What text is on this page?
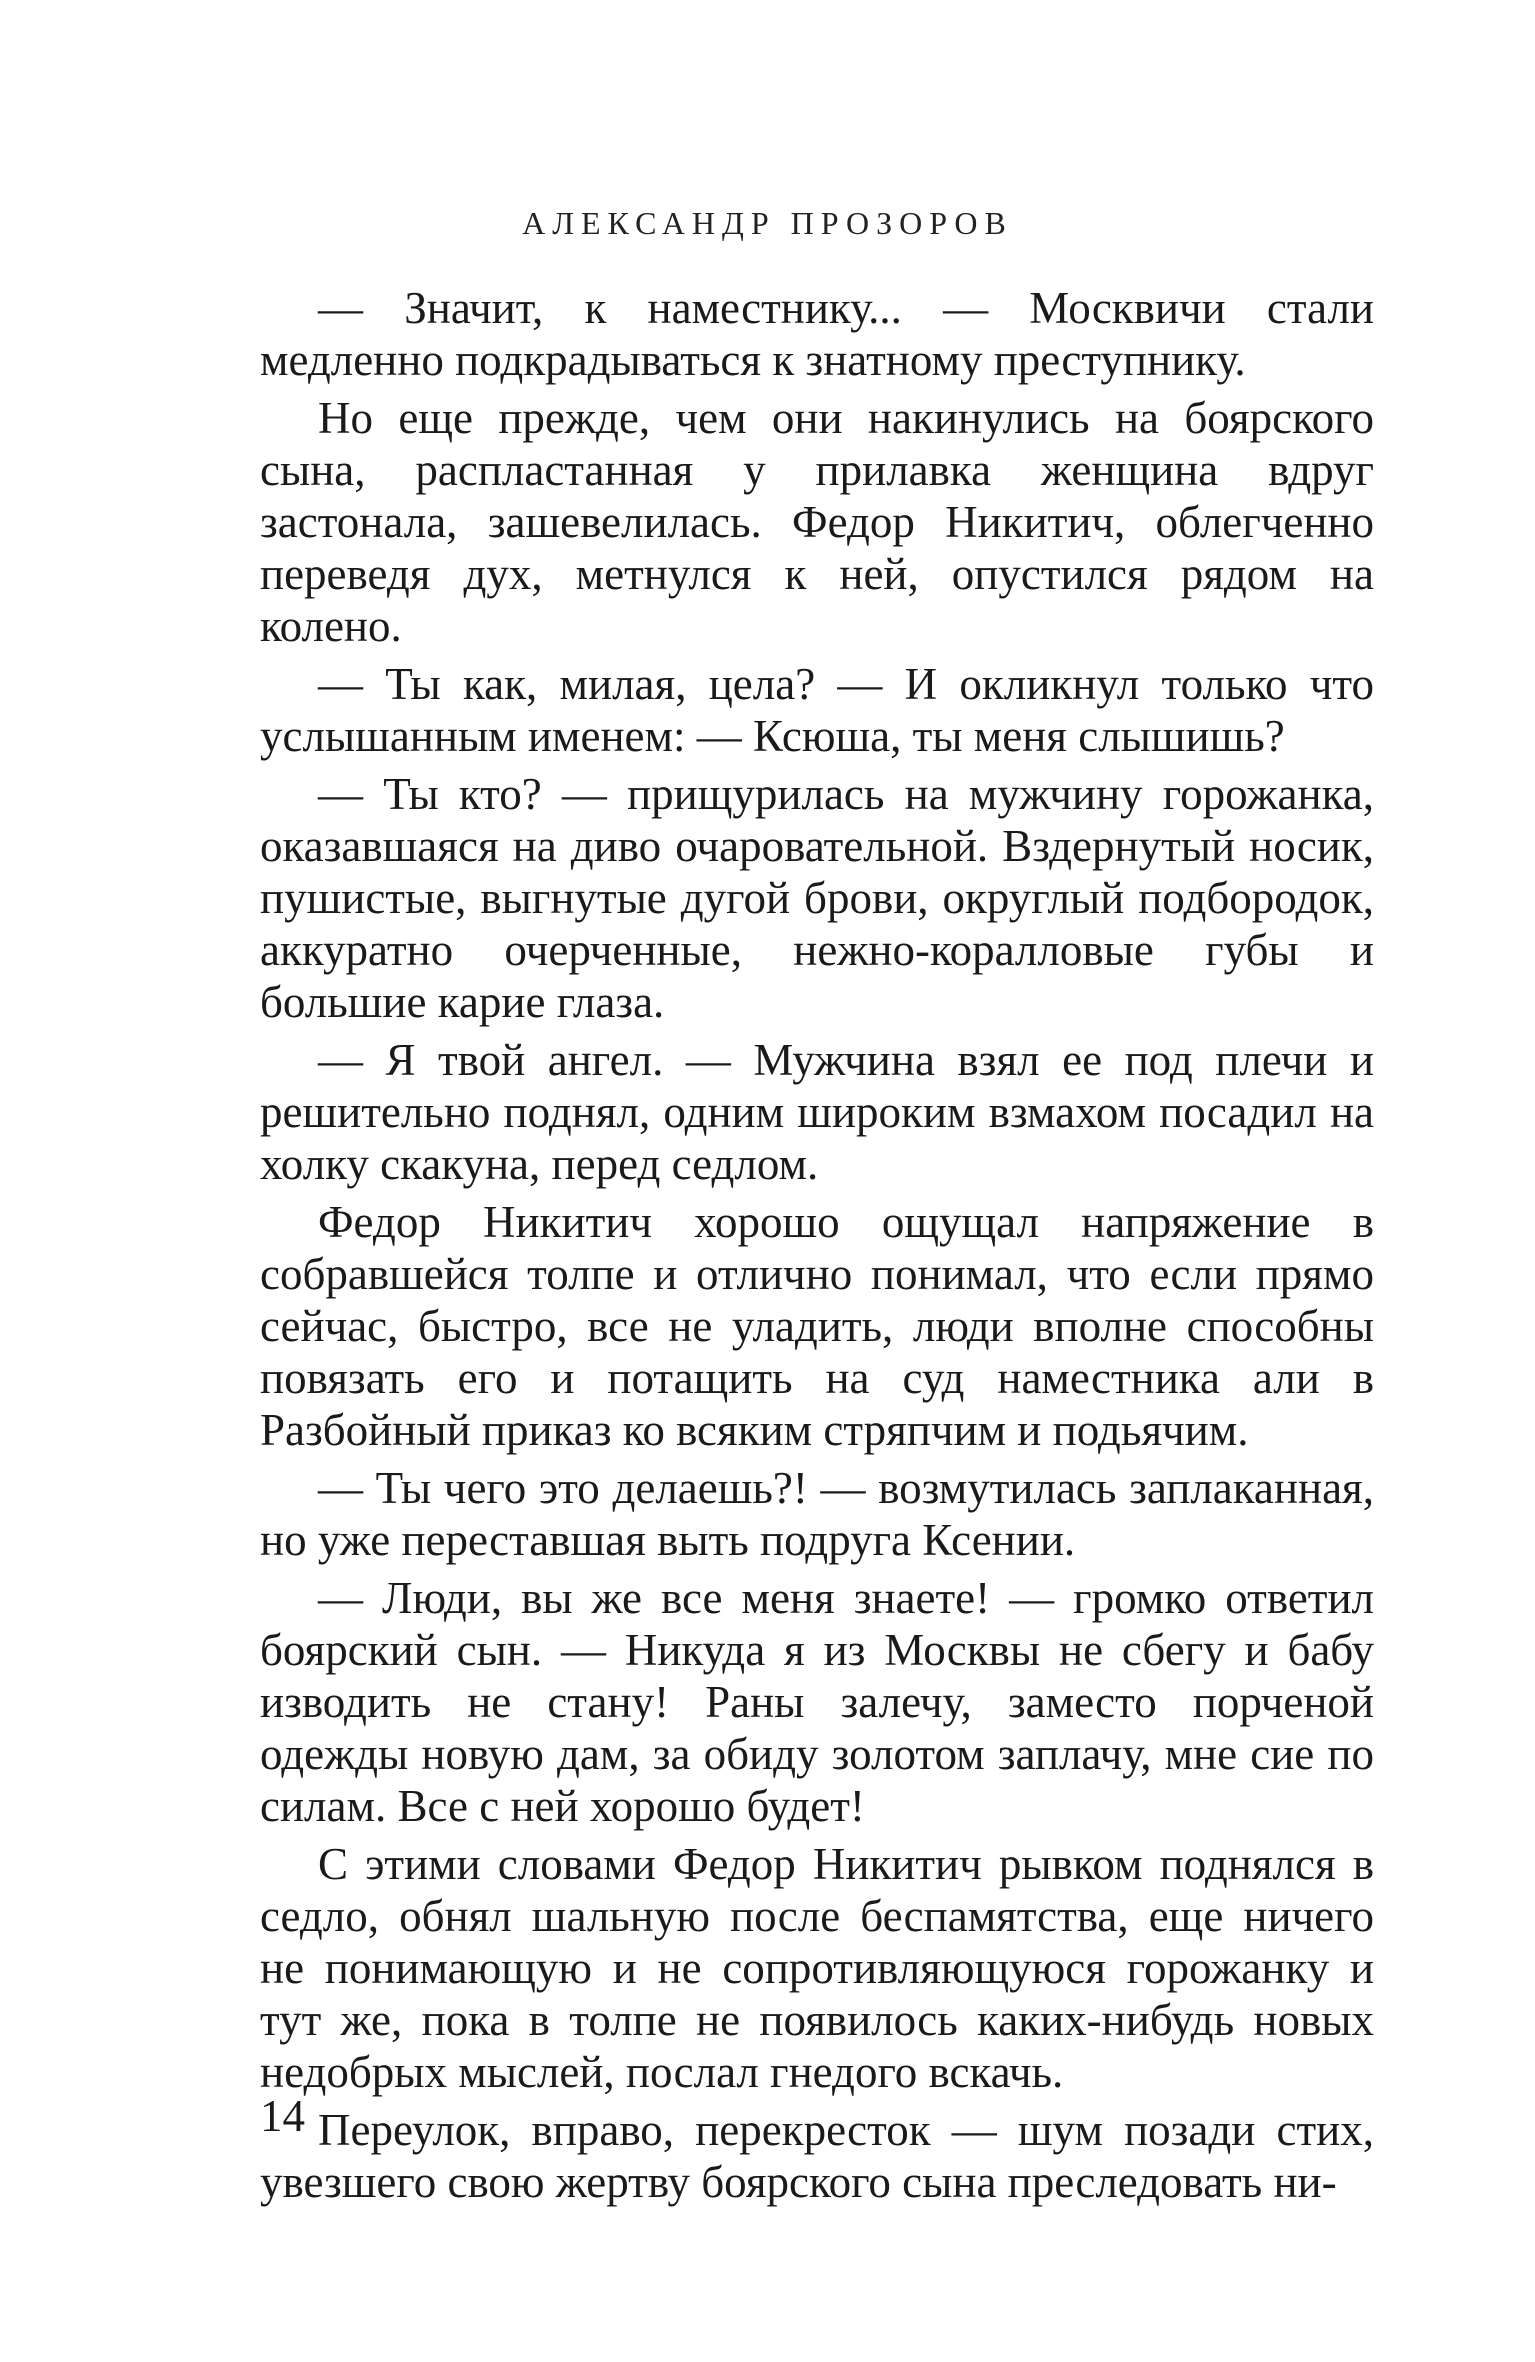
АЛЕКСАНДР ПРОЗОРОВ

— Значит, к наместнику... — Москвичи стали медленно подкрадываться к знатному преступнику.

Но еще прежде, чем они накинулись на боярского сына, распластанная у прилавка женщина вдруг застонала, зашевелилась. Федор Никитич, облегченно переведя дух, метнулся к ней, опустился рядом на колено.

— Ты как, милая, цела? — И окликнул только что услышанным именем: — Ксюша, ты меня слышишь?

— Ты кто? — прищурилась на мужчину горожанка, оказавшаяся на диво очаровательной. Вздернутый носик, пушистые, выгнутые дугой брови, округлый подбородок, аккуратно очерченные, нежно-коралловые губы и большие карие глаза.

— Я твой ангел. — Мужчина взял ее под плечи и решительно поднял, одним широким взмахом посадил на холку скакуна, перед седлом.

Федор Никитич хорошо ощущал напряжение в собравшейся толпе и отлично понимал, что если прямо сейчас, быстро, все не уладить, люди вполне способны повязать его и потащить на суд наместника али в Разбойный приказ ко всяким стряпчим и подьячим.

— Ты чего это делаешь?! — возмутилась заплаканная, но уже переставшая выть подруга Ксении.

— Люди, вы же все меня знаете! — громко ответил боярский сын. — Никуда я из Москвы не сбегу и бабу изводить не стану! Раны залечу, заместо порченой одежды новую дам, за обиду золотом заплачу, мне сие по силам. Все с ней хорошо будет!

С этими словами Федор Никитич рывком поднялся в седло, обнял шальную после беспамятства, еще ничего не понимающую и не сопротивляющуюся горожанку и тут же, пока в толпе не появилось каких-нибудь новых недобрых мыслей, послал гнедого вскачь.

Переулок, вправо, перекресток — шум позади стих, увезшего свою жертву боярского сына преследовать ни-

14
